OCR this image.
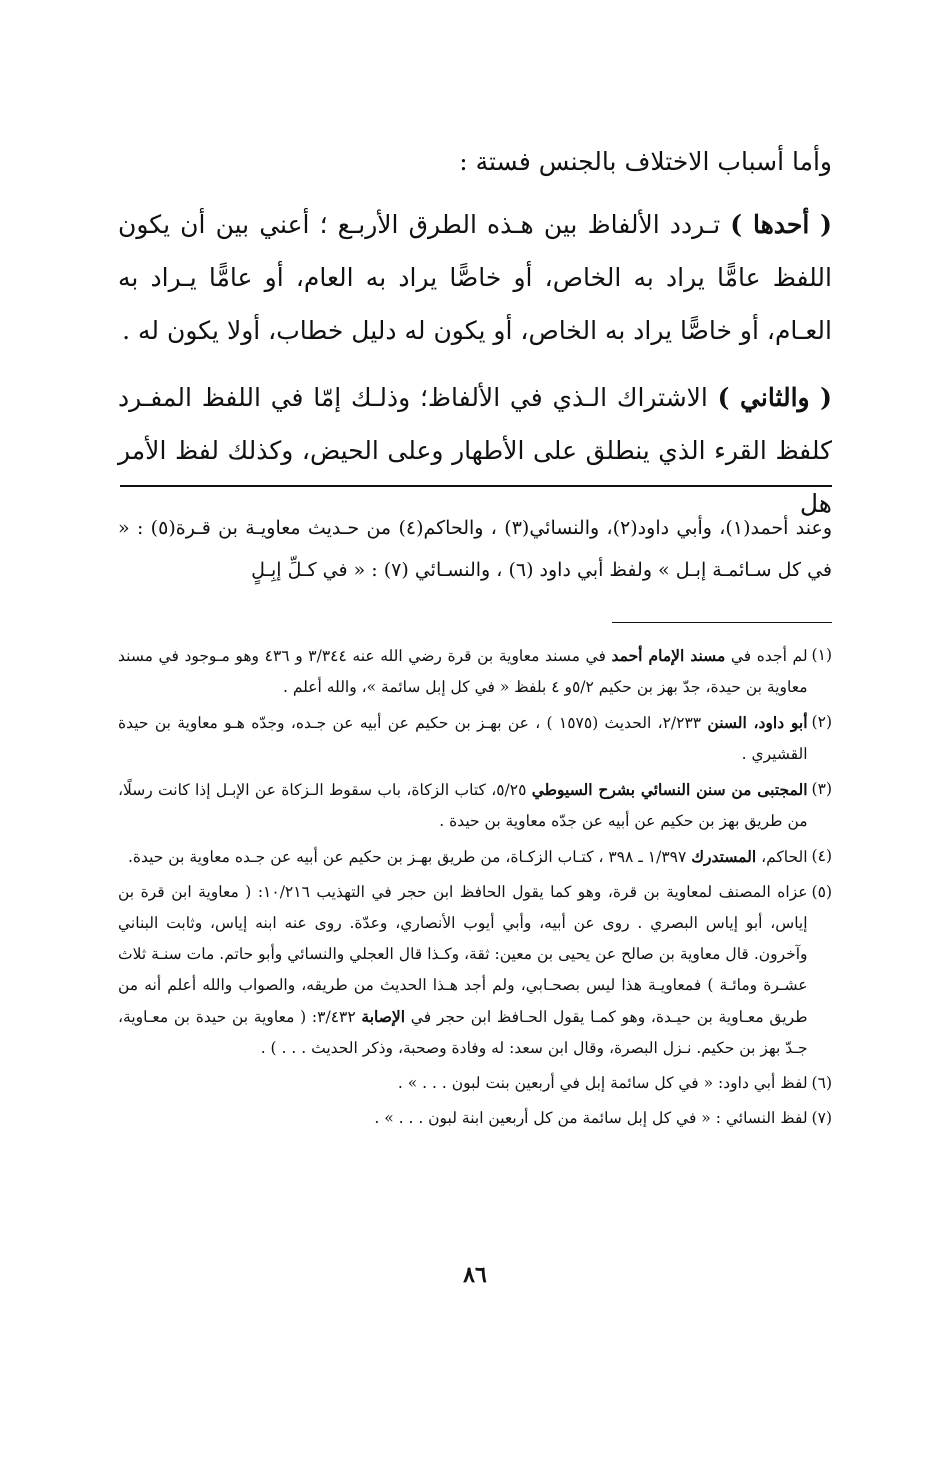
وأما أسباب الاختلاف بالجنس فستة :

( أحدها ) تـردد الألفاظ بين هـذه الطرق الأربـع ؛ أعني بين أن يكون اللفظ عامًّا يراد به الخاص، أو خاصًّا يراد به العام، أو عامًّا يـراد به العـام، أو خاصًّا يراد به الخاص، أو يكون له دليل خطاب، أولا يكون له .

( والثاني ) الاشتراك الـذي في الألفاظ؛ وذلـك إمّا في اللفظ المفـرد كلفظ القرء الذي ينطلق على الأطهار وعلى الحيض، وكذلك لفظ الأمر هل

وعند أحمد(١)، وأبي داود(٢)، والنسائي(٣) ، والحاكم(٤) من حـديث معاويـة بن قـرة(٥) : « في كل سـائمـة إبـل » ولفظ أبي داود (٦) ، والنسـائي (٧) : « في كـلِّ إبِـلٍ
(١)
لم أجده في مسند الإمام أحمد في مسند معاوية بن قرة رضي الله عنه ٣/٣٤٤ و ٤٣٦ وهو مـوجود في مسند معاوية بن حيدة، جدّ بهز بن حكيم ٥/٢و ٤ بلفظ « في كل إبل سائمة »، والله أعلم .
(٢)
أبو داود، السنن ٢/٢٣٣، الحديث (١٥٧٥ ) ، عن بهـز بن حكيم عن أبيه عن جـده، وجدّه هـو معاوية بن حيدة القشيري .
(٣)
المجتبى من سنن النسائي بشرح السيوطي ٥/٢٥، كتاب الزكاة، باب سقوط الـزكاة عن الإبـل إذا كانت رسلًا، من طريق بهز بن حكيم عن أبيه عن جدّه معاوية بن حيدة .
(٤)
الحاكم، المستدرك ١/٣٩٧ ـ ٣٩٨ ، كتـاب الزكـاة، من طريق بهـز بن حكيم عن أبيه عن جـده معاوية بن حيدة.
(٥)
عزاه المصنف لمعاوية بن قرة، وهو كما يقول الحافظ ابن حجر في التهذيب ١٠/٢١٦: ( معاوية ابن قرة بن إياس، أبو إياس البصري . روى عن أبيه، وأبي أيوب الأنصاري، وعدّة. روى عنه ابنه إياس، وثابت البناني وآخرون. قال معاوية بن صالح عن يحيى بن معين: ثقة، وكـذا قال العجلي والنسائي وأبو حاتم. مات سنـة ثلاث عشـرة ومائـة ) فمعاويـة هذا ليس بصحـابي، ولم أجد هـذا الحديث من طريقه، والصواب والله أعلم أنه من طريق معـاوية بن حيـدة، وهو كمـا يقول الحـافظ ابن حجر في الإصابة ٣/٤٣٢: ( معاوية بن حيدة بن معـاوية، جـدّ بهز بن حكيم. نـزل البصرة، وقال ابن سعد: له وفادة وصحبة، وذكر الحديث . . . ) .
(٦)
لفظ أبي داود: « في كل سائمة إبل في أربعين بنت لبون . . . » .
(٧)
لفظ النسائي : « في كل إبل سائمة من كل أربعين ابنة لبون . . . » .
٨٦
